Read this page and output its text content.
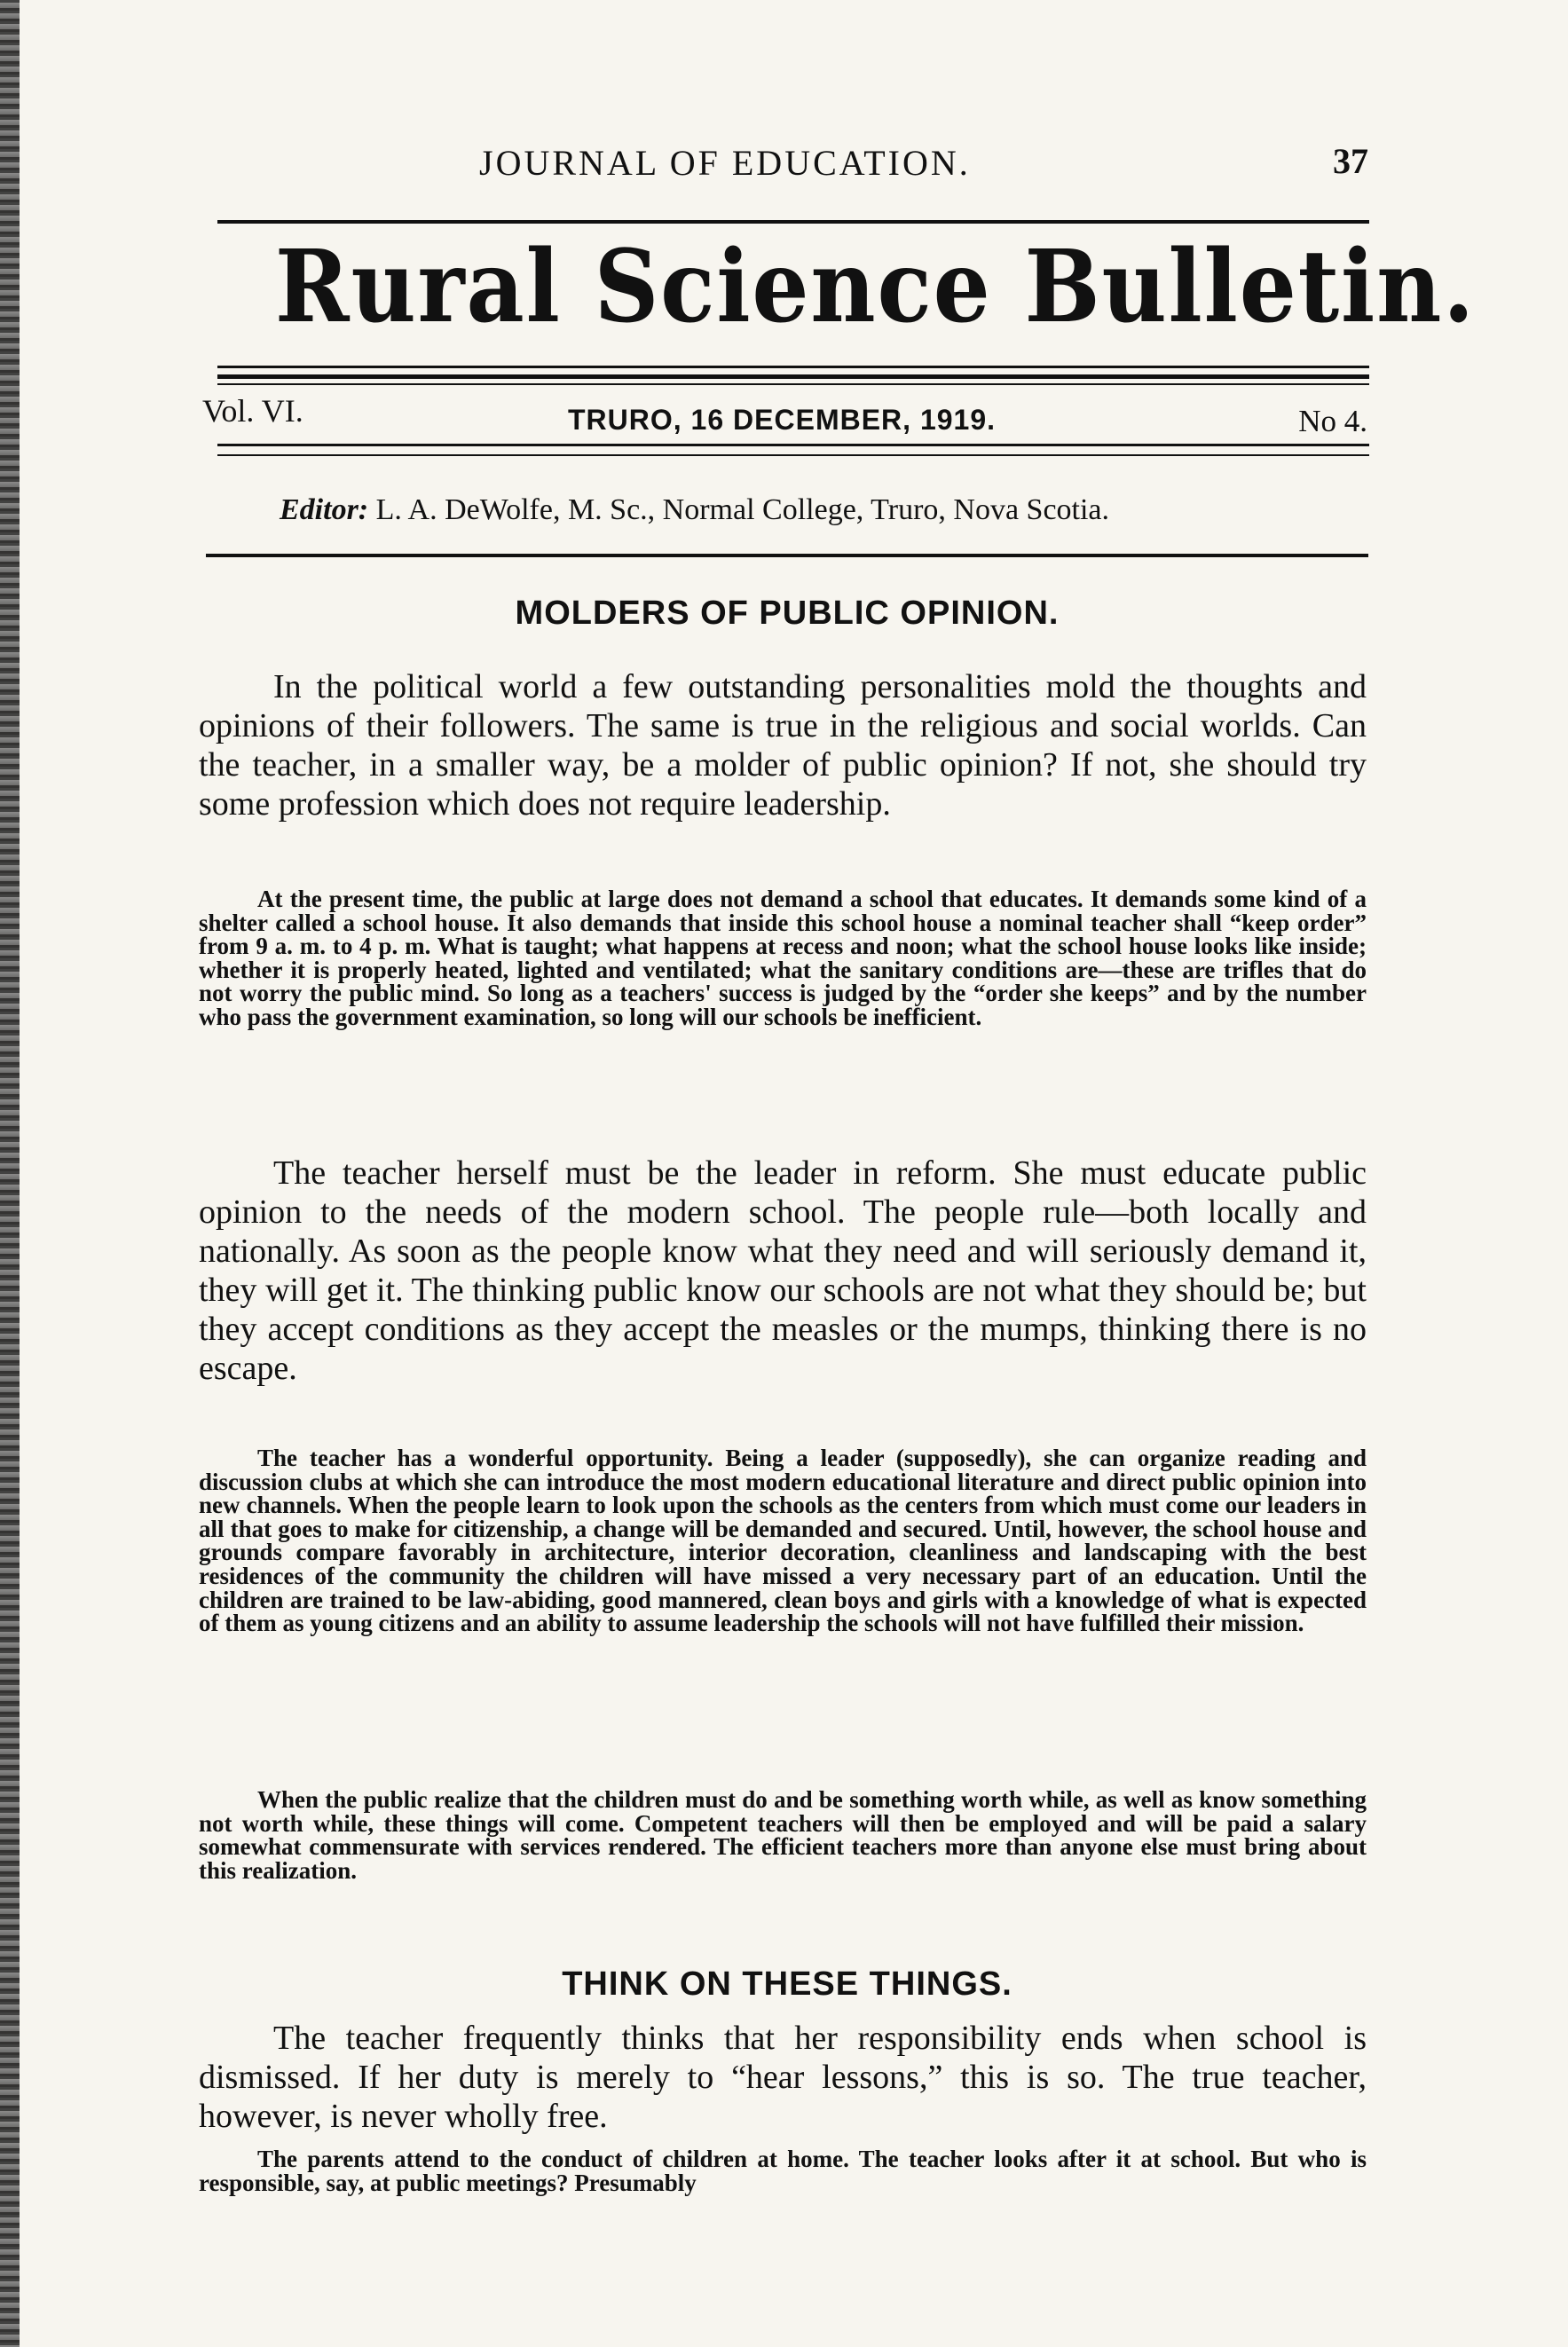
JOURNAL OF EDUCATION.	37
Rural Science Bulletin.
Vol. VI.	TRURO, 16 DECEMBER, 1919.	No 4.
Editor: L. A. DeWolfe, M. Sc., Normal College, Truro, Nova Scotia.
MOLDERS OF PUBLIC OPINION.

In the political world a few outstanding personalities mold the thoughts and opinions of their followers. The same is true in the religious and social worlds. Can the teacher, in a smaller way, be a molder of public opinion? If not, she should try some profession which does not require leadership.

At the present time, the public at large does not demand a school that educates. It demands some kind of a shelter called a school house. It also demands that inside this school house a nominal teacher shall “keep order” from 9 a. m. to 4 p. m. What is taught; what happens at recess and noon; what the school house looks like inside; whether it is properly heated, lighted and ventilated; what the sanitary conditions are—these are trifles that do not worry the public mind. So long as a teachers' success is judged by the “order she keeps” and by the number who pass the government examination, so long will our schools be inefficient.

The teacher herself must be the leader in reform. She must educate public opinion to the needs of the modern school. The people rule—both locally and nationally. As soon as the people know what they need and will seriously demand it, they will get it. The thinking public know our schools are not what they should be; but they accept conditions as they accept the measles or the mumps, thinking there is no escape.

The teacher has a wonderful opportunity. Being a leader (supposedly), she can organize reading and discussion clubs at which she can introduce the most modern educational literature and direct public opinion into new channels. When the people learn to look upon the schools as the centers from which must come our leaders in all that goes to make for citizenship, a change will be demanded and secured. Until, however, the school house and grounds compare favorably in architecture, interior decoration, cleanliness and landscaping with the best residences of the community the children will have missed a very necessary part of an education. Until the children are trained to be law-abiding, good mannered, clean boys and girls with a knowledge of what is expected of them as young citizens and an ability to assume leadership the schools will not have fulfilled their mission.

When the public realize that the children must do and be something worth while, as well as know something not worth while, these things will come. Competent teachers will then be employed and will be paid a salary somewhat commensurate with services rendered. The efficient teachers more than anyone else must bring about this realization.

THINK ON THESE THINGS.

The teacher frequently thinks that her responsibility ends when school is dismissed. If her duty is merely to “hear lessons,” this is so. The true teacher, however, is never wholly free.

The parents attend to the conduct of children at home. The teacher looks after it at school. But who is responsible, say, at public meetings? Presumably
